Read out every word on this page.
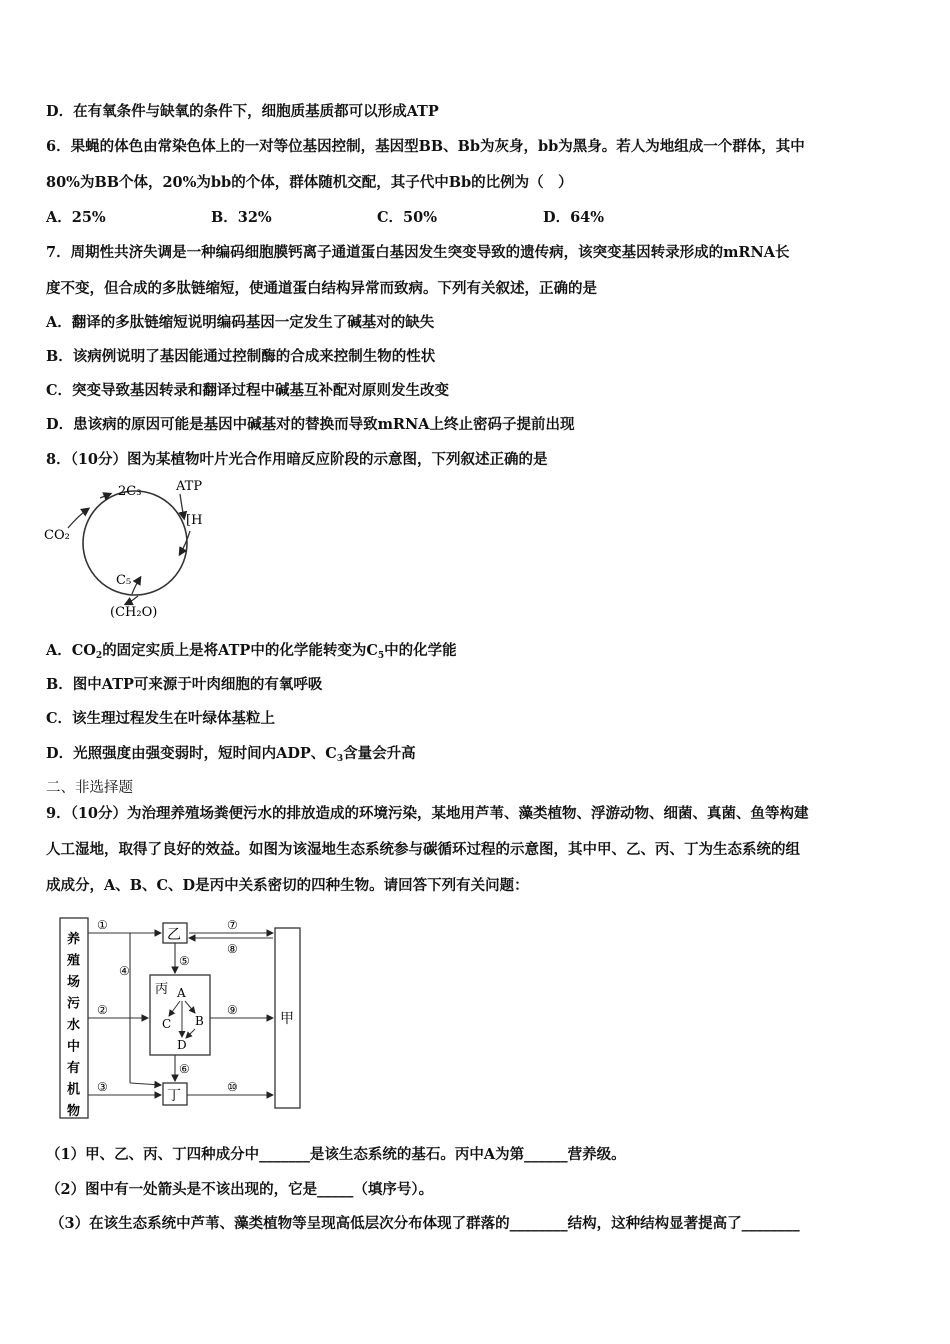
D．在有氧条件与缺氧的条件下，细胞质基质都可以形成ATP
6．果蝇的体色由常染色体上的一对等位基因控制，基因型BB、Bb为灰身，bb为黑身。若人为地组成一个群体，其中
80%为BB个体，20%为bb的个体，群体随机交配，其子代中Bb的比例为（　）
A．25%	B．32%	C．50%	D．64%
7．周期性共济失调是一种编码细胞膜钙离子通道蛋白基因发生突变导致的遗传病，该突变基因转录形成的mRNA长
度不变，但合成的多肽链缩短，使通道蛋白结构异常而致病。下列有关叙述，正确的是
A．翻译的多肽链缩短说明编码基因一定发生了碱基对的缺失
B．该病例说明了基因能通过控制酶的合成来控制生物的性状
C．突变导致基因转录和翻译过程中碱基互补配对原则发生改变
D．患该病的原因可能是基因中碱基对的替换而导致mRNA上终止密码子提前出现
8．（10分）图为某植物叶片光合作用暗反应阶段的示意图，下列叙述正确的是
CO₂
2C₃	ATP
[H
C₅
(CH₂O)
A．$CO_2$的固定实质上是将ATP中的化学能转变为$C_5$中的化学能
B．图中ATP可来源于叶肉细胞的有氧呼吸
C．该生理过程发生在叶绿体基粒上
D．光照强度由强变弱时，短时间内ADP、$C_3$含量会升高
二、非选择题
9．（10分）为治理养殖场粪便污水的排放造成的环境污染，某地用芦苇、藻类植物、浮游动物、细菌、真菌、鱼等构建
人工湿地，取得了良好的效益。如图为该湿地生态系统参与碳循环过程的示意图，其中甲、乙、丙、丁为生态系统的组
成成分，A、B、C、D是丙中关系密切的四种生物。请回答下列有关问题：
养
殖
场
污
水
中
有
机
物
乙
丙 A
B
C
D
丁
甲
①
②
③
④
⑤
⑥
⑦
⑧
⑨
⑩
（1）甲、乙、丙、丁四种成分中_______是该生态系统的基石。丙中A为第______营养级。
（2）图中有一处箭头是不该出现的，它是_____（填序号）。
（3）在该生态系统中芦苇、藻类植物等呈现高低层次分布体现了群落的________结构，这种结构显著提高了________
